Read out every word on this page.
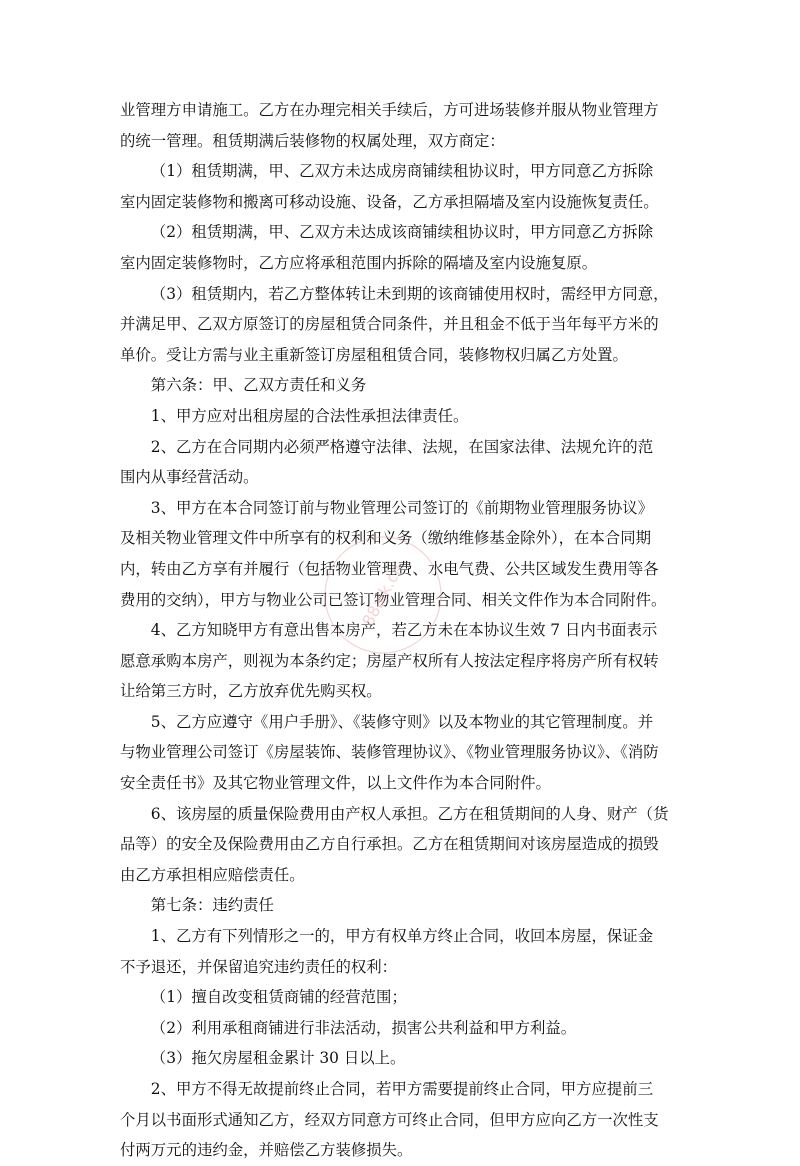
业管理方申请施工。乙方在办理完相关手续后，方可进场装修并服从物业管理方
的统一管理。租赁期满后装修物的权属处理，双方商定：

（1）租赁期满，甲、乙双方未达成房商铺续租协议时，甲方同意乙方拆除

室内固定装修物和搬离可移动设施、设备，乙方承担隔墙及室内设施恢复责任。

（2）租赁期满，甲、乙双方未达成该商铺续租协议时，甲方同意乙方拆除

室内固定装修物时，乙方应将承租范围内拆除的隔墙及室内设施复原。

（3）租赁期内，若乙方整体转让未到期的该商铺使用权时，需经甲方同意，

并满足甲、乙双方原签订的房屋租赁合同条件，并且租金不低于当年每平方米的
单价。受让方需与业主重新签订房屋租租赁合同，装修物权归属乙方处置。

第六条：甲、乙双方责任和义务

1、甲方应对出租房屋的合法性承担法律责任。

2、乙方在合同期内必须严格遵守法律、法规，在国家法律、法规允许的范

围内从事经营活动。

3、甲方在本合同签订前与物业管理公司签订的《前期物业管理服务协议》

及相关物业管理文件中所享有的权利和义务（缴纳维修基金除外），在本合同期
内，转由乙方享有并履行（包括物业管理费、水电气费、公共区域发生费用等各
费用的交纳），甲方与物业公司已签订物业管理合同、相关文件作为本合同附件。

4、乙方知晓甲方有意出售本房产，若乙方未在本协议生效 7 日内书面表示

愿意承购本房产，则视为本条约定；房屋产权所有人按法定程序将房产所有权转
让给第三方时，乙方放弃优先购买权。

5、乙方应遵守《用户手册》、《装修守则》以及本物业的其它管理制度。并

与物业管理公司签订《房屋装饰、装修管理协议》、《物业管理服务协议》、《消防
安全责任书》及其它物业管理文件，以上文件作为本合同附件。

6、该房屋的质量保险费用由产权人承担。乙方在租赁期间的人身、财产（货

品等）的安全及保险费用由乙方自行承担。乙方在租赁期间对该房屋造成的损毁
由乙方承担相应赔偿责任。

第七条：违约责任

1、乙方有下列情形之一的，甲方有权单方终止合同，收回本房屋，保证金

不予退还，并保留追究违约责任的权利：

（1）擅自改变租赁商铺的经营范围；

（2）利用承租商铺进行非法活动，损害公共利益和甲方利益。

（3）拖欠房屋租金累计 30 日以上。

2、甲方不得无故提前终止合同，若甲方需要提前终止合同，甲方应提前三

个月以书面形式通知乙方，经双方同意方可终止合同，但甲方应向乙方一次性支
付两万元的违约金，并赔偿乙方装修损失。

88ajk.cn
